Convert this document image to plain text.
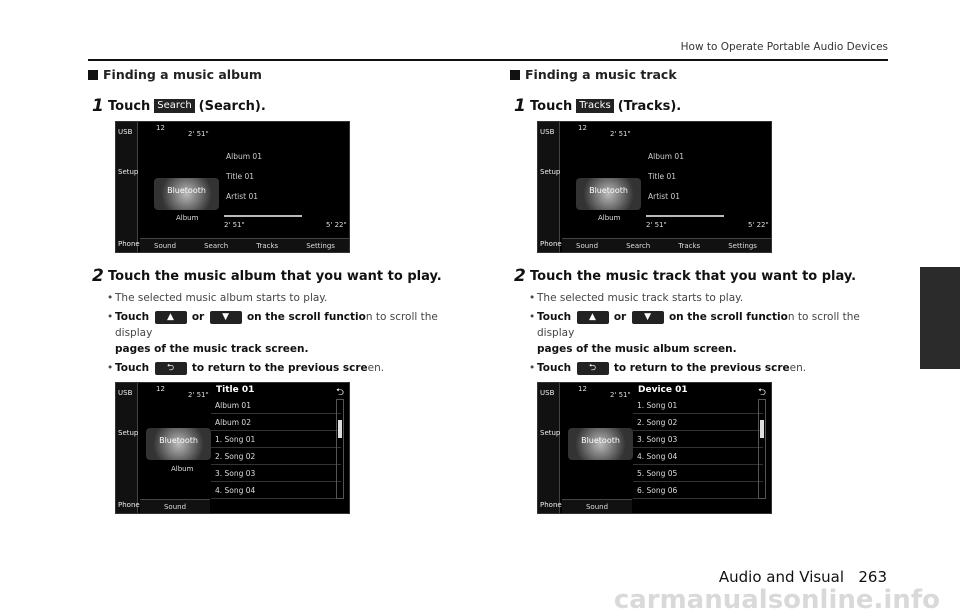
How to Operate Portable Audio Devices
Finding a music album
1 Touch Search (Search).
USB
Setup
Phone
12
2' 51"
Bluetooth
Album
Album 01
Title 01
Artist 01
2' 51"	5' 22"
Sound	Search	Tracks	Settings
2 Touch the music album that you want to play.
• The selected music album starts to play.
• Touch ▲ or ▼ on the scroll function to scroll the display
pages of the music track screen.
• Touch ⮌ to return to the previous screen.
USB
Setup
Phone
12
2' 51"
Bluetooth
Album
Title 01	⮌
Album 01
Album 02
1. Song 01
2. Song 02
3. Song 03
4. Song 04
Sound
Finding a music track
1 Touch Tracks (Tracks).
USB
Setup
Phone
12
2' 51"
Bluetooth
Album
Album 01
Title 01
Artist 01
2' 51"	5' 22"
Sound	Search	Tracks	Settings
2 Touch the music track that you want to play.
• The selected music track starts to play.
• Touch ▲ or ▼ on the scroll function to scroll the display
pages of the music album screen.
• Touch ⮌ to return to the previous screen.
USB
Setup
Phone
12
2' 51"
Bluetooth
Device 01	⮌
1. Song 01
2. Song 02
3. Song 03
4. Song 04
5. Song 05
6. Song 06
Sound
Audio and Visual 263
carmanualsonline.info
